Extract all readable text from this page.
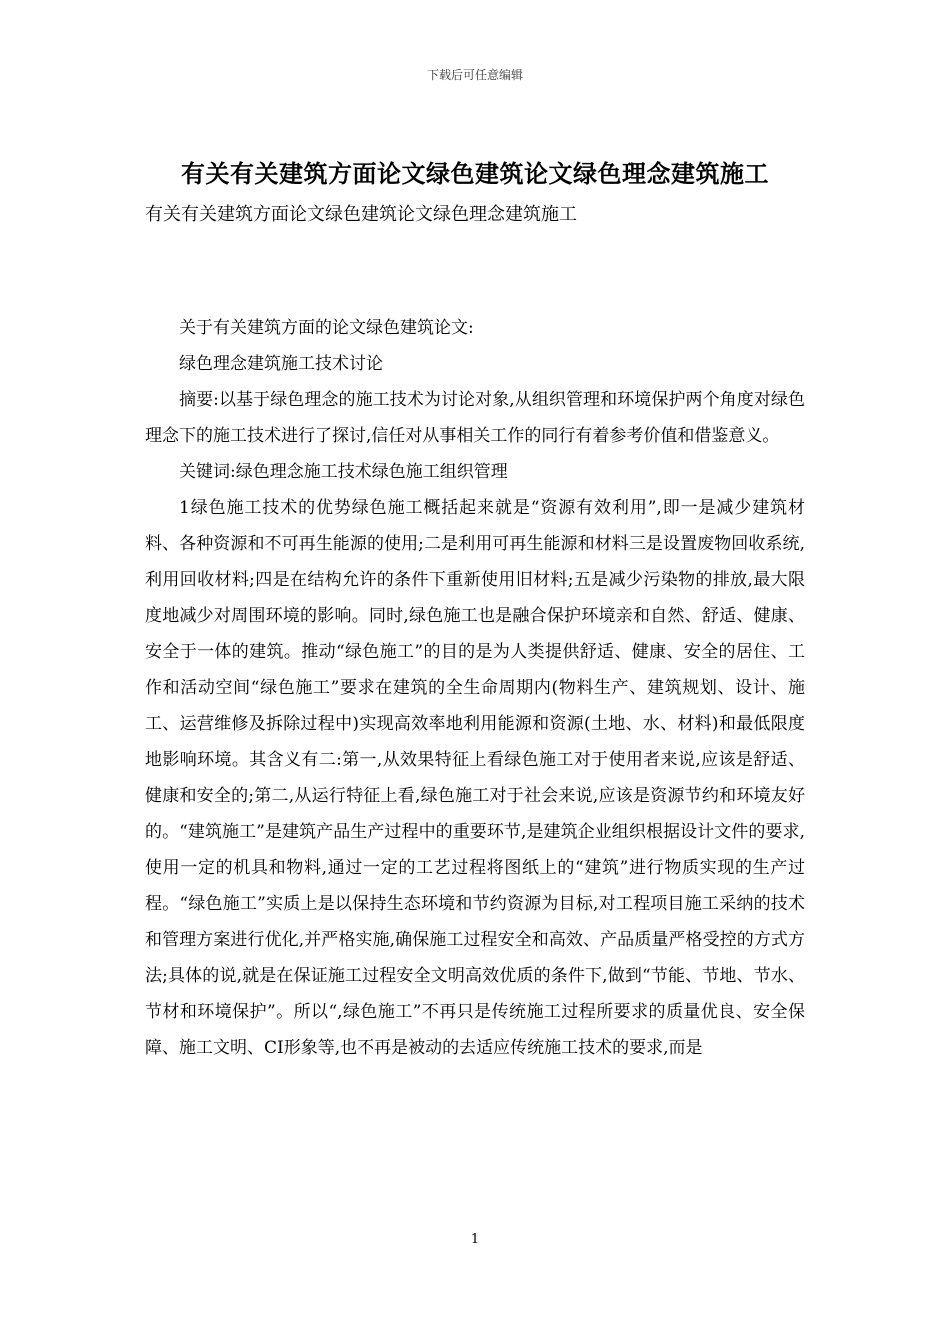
下载后可任意编辑
有关有关建筑方面论文绿色建筑论文绿色理念建筑施工
有关有关建筑方面论文绿色建筑论文绿色理念建筑施工

关于有关建筑方面的论文绿色建筑论文:

绿色理念建筑施工技术讨论

摘要:以基于绿色理念的施工技术为讨论对象,从组织管理和环境保护两个角度对绿色理念下的施工技术进行了探讨,信任对从事相关工作的同行有着参考价值和借鉴意义。

关键词:绿色理念施工技术绿色施工组织管理

1绿色施工技术的优势绿色施工概括起来就是“资源有效利用”,即一是减少建筑材料、各种资源和不可再生能源的使用;二是利用可再生能源和材料三是设置废物回收系统,利用回收材料;四是在结构允许的条件下重新使用旧材料;五是减少污染物的排放,最大限度地减少对周围环境的影响。同时,绿色施工也是融合保护环境亲和自然、舒适、健康、安全于一体的建筑。推动“绿色施工”的目的是为人类提供舒适、健康、安全的居住、工作和活动空间“绿色施工”要求在建筑的全生命周期内(物料生产、建筑规划、设计、施工、运营维修及拆除过程中)实现高效率地利用能源和资源(土地、水、材料)和最低限度地影响环境。其含义有二:第一,从效果特征上看绿色施工对于使用者来说,应该是舒适、健康和安全的;第二,从运行特征上看,绿色施工对于社会来说,应该是资源节约和环境友好的。“建筑施工”是建筑产品生产过程中的重要环节,是建筑企业组织根据设计文件的要求,使用一定的机具和物料,通过一定的工艺过程将图纸上的“建筑”进行物质实现的生产过程。“绿色施工”实质上是以保持生态环境和节约资源为目标,对工程项目施工采纳的技术和管理方案进行优化,并严格实施,确保施工过程安全和高效、产品质量严格受控的方式方法;具体的说,就是在保证施工过程安全文明高效优质的条件下,做到“节能、节地、节水、节材和环境保护”。所以“,绿色施工”不再只是传统施工过程所要求的质量优良、安全保障、施工文明、CI形象等,也不再是被动的去适应传统施工技术的要求,而是

1
